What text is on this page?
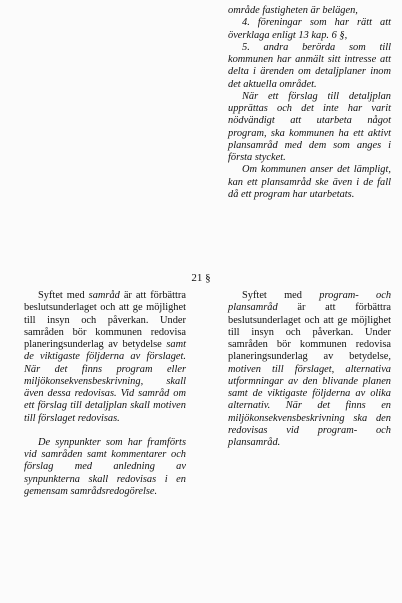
område fastigheten är belägen,

4. föreningar som har rätt att överklaga enligt 13 kap. 6 §,

5. andra berörda som till kommunen har anmält sitt intresse att delta i ärenden om detaljplaner inom det aktuella området.

När ett förslag till detaljplan upprättas och det inte har varit nödvändigt att utarbeta något program, ska kommunen ha ett aktivt plansamråd med dem som anges i första stycket.

Om kommunen anser det lämpligt, kan ett plansamråd ske även i de fall då ett program har utarbetats.

21 §

Syftet med samråd är att förbättra beslutsunderlaget och att ge möjlighet till insyn och påverkan. Under samråden bör kommunen redovisa planeringsunderlag av betydelse samt de viktigaste följderna av förslaget. När det finns program eller miljökonsekvensbeskrivning, skall även dessa redovisas. Vid samråd om ett förslag till detaljplan skall motiven till förslaget redovisas.

De synpunkter som har framförts vid samråden samt kommentarer och förslag med anledning av synpunkterna skall redovisas i en gemensam samrådsredogörelse.

Syftet med program- och plansamråd är att förbättra beslutsunderlaget och att ge möjlighet till insyn och påverkan. Under samråden bör kommunen redovisa planeringsunderlag av betydelse, motiven till förslaget, alternativa utformningar av den blivande planen samt de viktigaste följderna av olika alternativ. När det finns en miljökonsekvensbeskrivning ska den redovisas vid program- och plansamråd.
